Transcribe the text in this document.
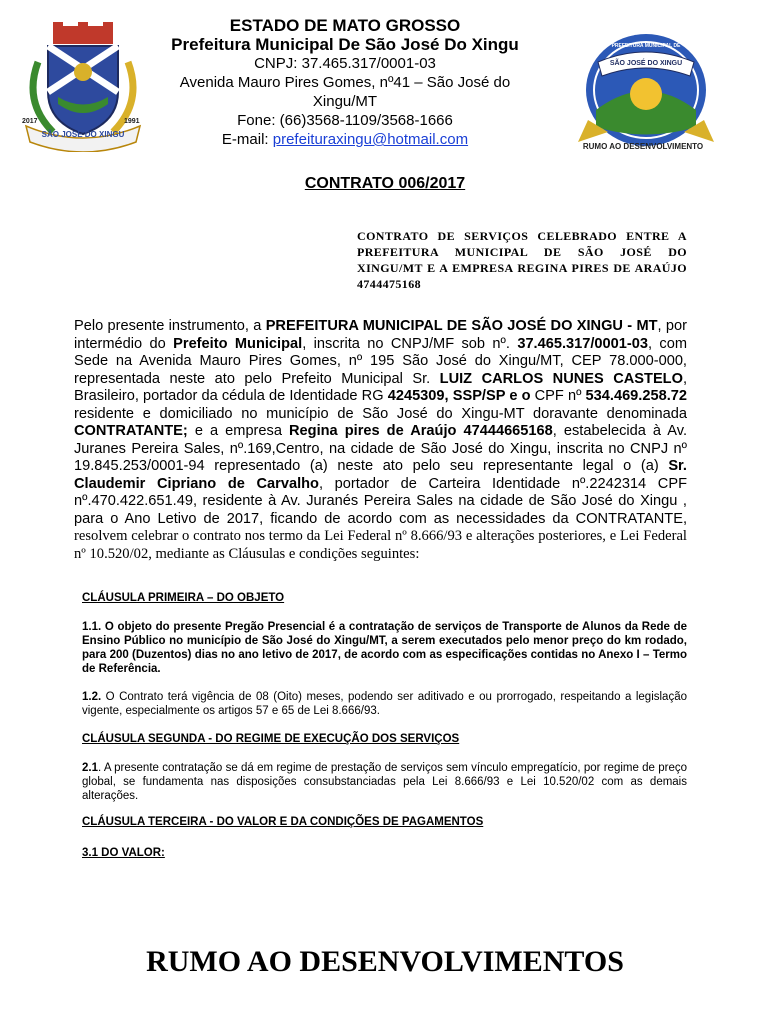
SÃO JOSÉ DO XINGU
2017	1991
ESTADO DE MATO GROSSO
Prefeitura Municipal De São José Do Xingu
CNPJ: 37.465.317/0001-03
Avenida Mauro Pires Gomes, nº41 – São José do
Xingu/MT
Fone: (66)3568-1109/3568-1666
E-mail: prefeituraxingu@hotmail.com
PREFEITURA MUNICIPAL DE
SÃO JOSÉ DO XINGU
RUMO AO DESENVOLVIMENTO
CONTRATO 006/2017
CONTRATO DE SERVIÇOS CELEBRADO ENTRE A PREFEITURA MUNICIPAL DE SÃO JOSÉ DO XINGU/MT E A EMPRESA REGINA PIRES DE ARAÚJO 4744475168
Pelo presente instrumento, a PREFEITURA MUNICIPAL DE SÃO JOSÉ DO XINGU - MT, por intermédio do Prefeito Municipal, inscrita no CNPJ/MF sob nº. 37.465.317/0001-03, com Sede na Avenida Mauro Pires Gomes, nº 195 São José do Xingu/MT, CEP 78.000-000, representada neste ato pelo Prefeito Municipal Sr. LUIZ CARLOS NUNES CASTELO, Brasileiro, portador da cédula de Identidade RG 4245309, SSP/SP e o CPF nº 534.469.258.72 residente e domiciliado no município de São José do Xingu-MT doravante denominada CONTRATANTE; e a empresa Regina pires de Araújo 47444665168, estabelecida à Av. Juranes Pereira Sales, nº.169,Centro, na cidade de São José do Xingu, inscrita no CNPJ nº 19.845.253/0001-94 representado (a) neste ato pelo seu representante legal o (a) Sr. Claudemir Cipriano de Carvalho, portador de Carteira Identidade nº.2242314 CPF nº.470.422.651.49, residente à Av. Juranés Pereira Sales na cidade de São José do Xingu , para o Ano Letivo de 2017, ficando de acordo com as necessidades da CONTRATANTE, resolvem celebrar o contrato nos termo da Lei Federal nº 8.666/93 e alterações posteriores, e Lei Federal nº 10.520/02, mediante as Cláusulas e condições seguintes:
CLÁUSULA PRIMEIRA – DO OBJETO
1.1. O objeto do presente Pregão Presencial é a contratação de serviços de Transporte de Alunos da Rede de Ensino Público no município de São José do Xingu/MT, a serem executados pelo menor preço do km rodado, para 200 (Duzentos) dias no ano letivo de 2017, de acordo com as especificações contidas no Anexo I – Termo de Referência.
1.2. O Contrato terá vigência de 08 (Oito) meses, podendo ser aditivado e ou prorrogado, respeitando a legislação vigente, especialmente os artigos 57 e 65 de Lei 8.666/93.
CLÁUSULA SEGUNDA - DO REGIME DE EXECUÇÃO DOS SERVIÇOS
2.1. A presente contratação se dá em regime de prestação de serviços sem vínculo empregatício, por regime de preço global, se fundamenta nas disposições consubstanciadas pela Lei 8.666/93 e Lei 10.520/02 com as demais alterações.
CLÁUSULA TERCEIRA - DO VALOR E DA CONDIÇÕES DE PAGAMENTOS
3.1 DO VALOR:
RUMO AO DESENVOLVIMENTOS
